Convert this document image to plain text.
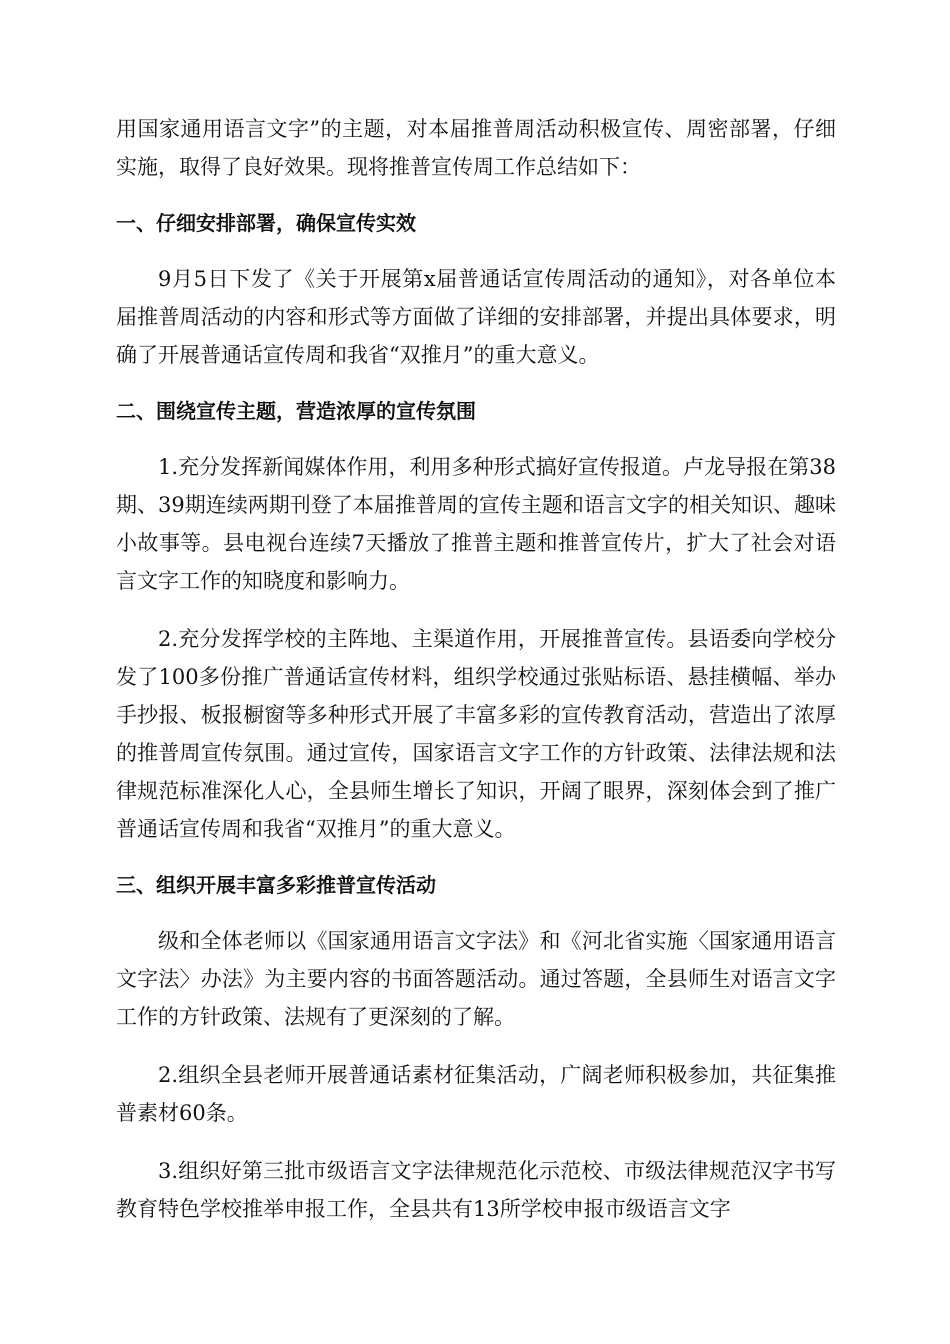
用国家通用语言文字”的主题，对本届推普周活动积极宣传、周密部署，仔细实施，取得了良好效果。现将推普宣传周工作总结如下：

一、仔细安排部署，确保宣传实效

9月5日下发了《关于开展第x届普通话宣传周活动的通知》，对各单位本届推普周活动的内容和形式等方面做了详细的安排部署，并提出具体要求，明确了开展普通话宣传周和我省“双推月”的重大意义。

二、围绕宣传主题，营造浓厚的宣传氛围

1.充分发挥新闻媒体作用，利用多种形式搞好宣传报道。卢龙导报在第38期、39期连续两期刊登了本届推普周的宣传主题和语言文字的相关知识、趣味小故事等。县电视台连续7天播放了推普主题和推普宣传片，扩大了社会对语言文字工作的知晓度和影响力。

2.充分发挥学校的主阵地、主渠道作用，开展推普宣传。县语委向学校分发了100多份推广普通话宣传材料，组织学校通过张贴标语、悬挂横幅、举办手抄报、板报橱窗等多种形式开展了丰富多彩的宣传教育活动，营造出了浓厚的推普周宣传氛围。通过宣传，国家语言文字工作的方针政策、法律法规和法律规范标准深化人心，全县师生增长了知识，开阔了眼界，深刻体会到了推广普通话宣传周和我省“双推月”的重大意义。

三、组织开展丰富多彩推普宣传活动

级和全体老师以《国家通用语言文字法》和《河北省实施〈国家通用语言文字法〉办法》为主要内容的书面答题活动。通过答题，全县师生对语言文字工作的方针政策、法规有了更深刻的了解。

2.组织全县老师开展普通话素材征集活动，广阔老师积极参加，共征集推普素材60条。

3.组织好第三批市级语言文字法律规范化示范校、市级法律规范汉字书写教育特色学校推举申报工作，全县共有13所学校申报市级语言文字
